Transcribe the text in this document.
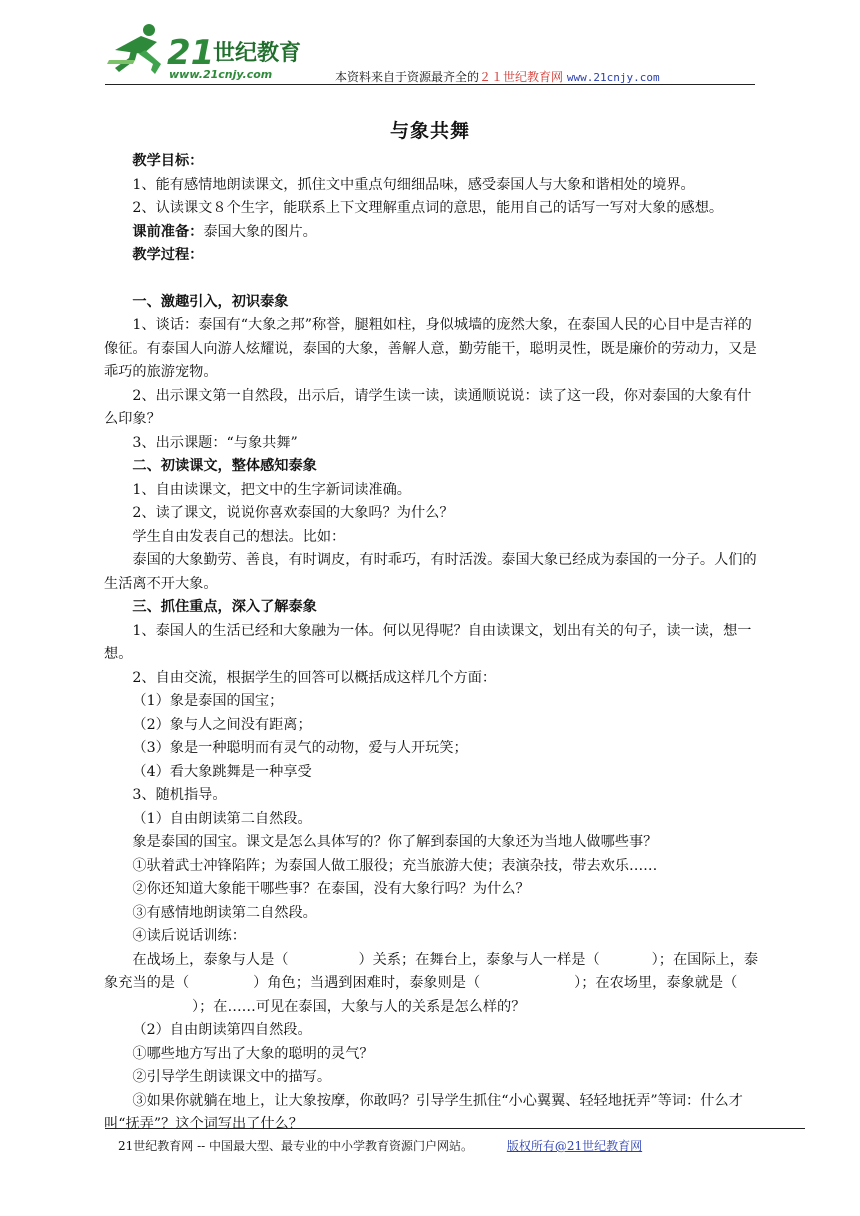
21
世纪教育
www.21cnjy.com	本资料来自于资源最齐全的２１世纪教育网 www.21cnjy.com
与象共舞

教学目标：

1、能有感情地朗读课文，抓住文中重点句细细品味，感受泰国人与大象和谐相处的境界。

2、认读课文８个生字，能联系上下文理解重点词的意思，能用自己的话写一写对大象的感想。

课前准备：泰国大象的图片。

教学过程：

一、激趣引入，初识泰象

1、谈话：泰国有“大象之邦”称誉，腿粗如柱，身似城墙的庞然大象，在泰国人民的心目中是吉祥的像征。有泰国人向游人炫耀说，泰国的大象，善解人意，勤劳能干，聪明灵性，既是廉价的劳动力，又是乖巧的旅游宠物。

2、出示课文第一自然段，出示后，请学生读一读，读通顺说说：读了这一段，你对泰国的大象有什么印象？

3、出示课题：“与象共舞”

二、初读课文，整体感知泰象

1、自由读课文，把文中的生字新词读准确。

2、读了课文，说说你喜欢泰国的大象吗？为什么？

学生自由发表自己的想法。比如：

泰国的大象勤劳、善良，有时调皮，有时乖巧，有时活泼。泰国大象已经成为泰国的一分子。人们的生活离不开大象。

三、抓住重点，深入了解泰象

1、泰国人的生活已经和大象融为一体。何以见得呢？自由读课文，划出有关的句子，读一读，想一想。

2、自由交流，根据学生的回答可以概括成这样几个方面：

（1）象是泰国的国宝；

（2）象与人之间没有距离；

（3）象是一种聪明而有灵气的动物，爱与人开玩笑；

（4）看大象跳舞是一种享受

3、随机指导。

（1）自由朗读第二自然段。

象是泰国的国宝。课文是怎么具体写的？你了解到泰国的大象还为当地人做哪些事？

①驮着武士冲锋陷阵；为泰国人做工服役；充当旅游大使；表演杂技，带去欢乐……

②你还知道大象能干哪些事？在泰国，没有大象行吗？为什么？

③有感情地朗读第二自然段。

④读后说话训练：

在战场上，泰象与人是（	）关系；在舞台上，泰象与人一样是（	）；在国际上，泰象充当的是（	）角色；当遇到困难时，泰象则是（	）；在农场里，泰象就是（）；在……可见在泰国，大象与人的关系是怎么样的？

（2）自由朗读第四自然段。

①哪些地方写出了大象的聪明的灵气？

②引导学生朗读课文中的描写。

③如果你就躺在地上，让大象按摩，你敢吗？引导学生抓住“小心翼翼、轻轻地抚弄”等词：什么才叫“抚弄”？这个词写出了什么？

21世纪教育网 -- 中国最大型、最专业的中小学教育资源门户网站。	版权所有@21世纪教育网
